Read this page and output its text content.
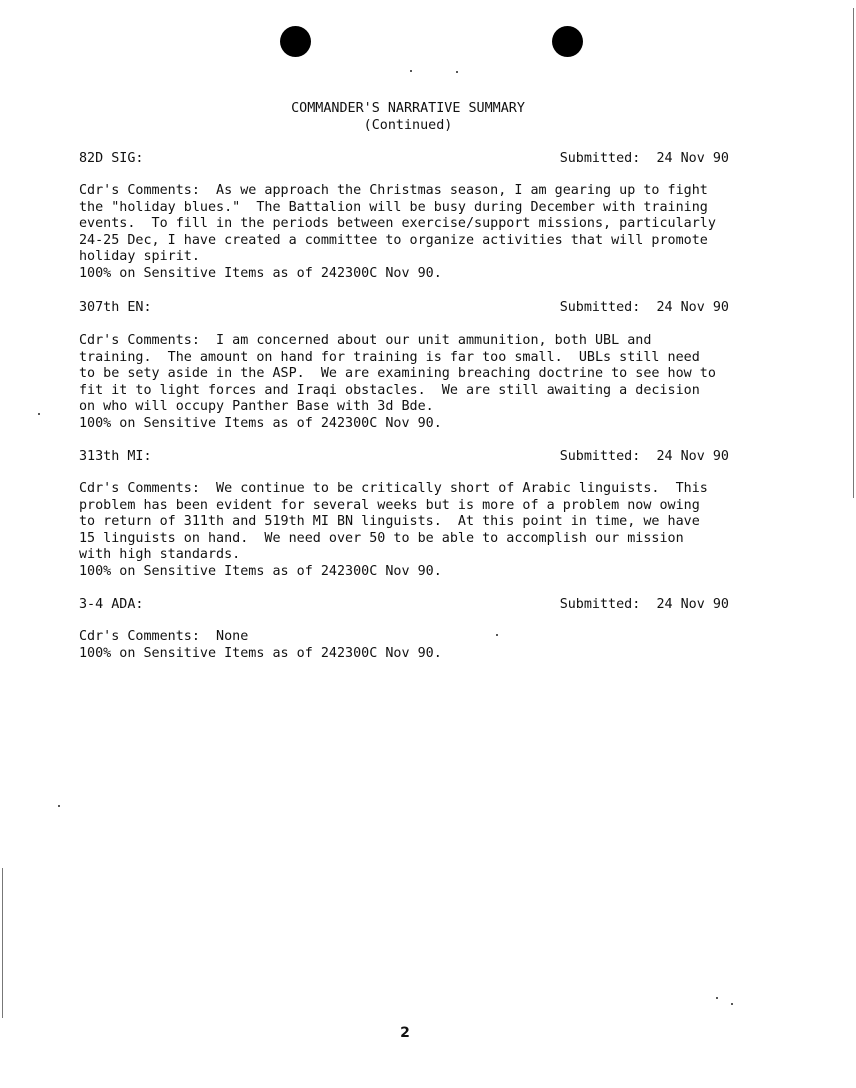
COMMANDER'S NARRATIVE SUMMARY
(Continued)
82D SIG:	Submitted: 24 Nov 90
Cdr's Comments:  As we approach the Christmas season, I am gearing up to fight
the "holiday blues."  The Battalion will be busy during December with training
events.  To fill in the periods between exercise/support missions, particularly
24-25 Dec, I have created a committee to organize activities that will promote
holiday spirit.
100% on Sensitive Items as of 242300C Nov 90.
307th EN:	Submitted: 24 Nov 90
Cdr's Comments:  I am concerned about our unit ammunition, both UBL and
training.  The amount on hand for training is far too small.  UBLs still need
to be sety aside in the ASP.  We are examining breaching doctrine to see how to
fit it to light forces and Iraqi obstacles.  We are still awaiting a decision
on who will occupy Panther Base with 3d Bde.
100% on Sensitive Items as of 242300C Nov 90.
313th MI:	Submitted: 24 Nov 90
Cdr's Comments:  We continue to be critically short of Arabic linguists.  This
problem has been evident for several weeks but is more of a problem now owing
to return of 311th and 519th MI BN linguists.  At this point in time, we have
15 linguists on hand.  We need over 50 to be able to accomplish our mission
with high standards.
100% on Sensitive Items as of 242300C Nov 90.
3-4 ADA:	Submitted: 24 Nov 90
Cdr's Comments:  None
100% on Sensitive Items as of 242300C Nov 90.
2
